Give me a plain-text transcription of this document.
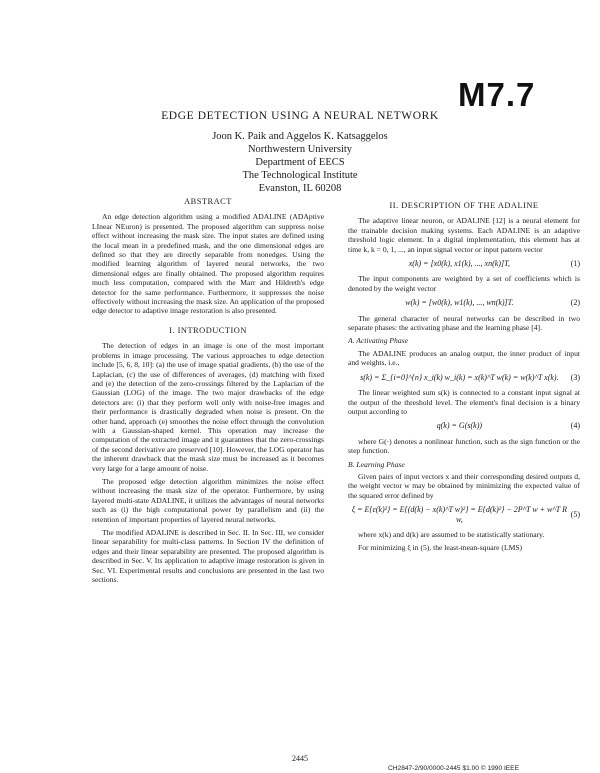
M7.7
EDGE DETECTION USING A NEURAL NETWORK
Joon K. Paik and Aggelos K. Katsaggelos
Northwestern University
Department of EECS
The Technological Institute
Evanston, IL 60208
ABSTRACT

An edge detection algorithm using a modified ADALINE (ADAptive LInear NEuron) is presented. The proposed algorithm can suppress noise effect without increasing the mask size. The input states are defined using the local mean in a predefined mask, and the one dimensional edges are defined so that they are directly separable from nonedges. Using the modified learning algorithm of layered neural networks, the two dimensional edges are finally obtained. The proposed algorithm requires much less computation, compared with the Marr and Hildreth's edge detector for the same performance. Furthermore, it suppresses the noise effectively without increasing the mask size. An application of the proposed edge detector to adaptive image restoration is also presented.

I. INTRODUCTION

The detection of edges in an image is one of the most important problems in image processing. The various approaches to edge detection include [5, 6, 8, 10]: (a) the use of image spatial gradients, (b) the use of the Laplacian, (c) the use of differences of averages, (d) matching with fixed and (e) the detection of the zero-crossings filtered by the Laplacian of the Gaussian (LOG) of the image. The two major drawbacks of the edge detectors are: (i) that they perform well only with noise-free images and their performance is drastically degraded when noise is present. On the other hand, approach (e) smoothes the noise effect through the convolution with a Gaussian-shaped kernel. This operation may increase the computation of the extracted image and it guarantees that the zero-crossings of the second derivative are preserved [10]. However, the LOG operator has the inherent drawback that the mask size must be increased as it becomes very large for a large amount of noise.

The proposed edge detection algorithm minimizes the noise effect without increasing the mask size of the operator. Furthermore, by using layered multi-state ADALINE, it utilizes the advantages of neural networks such as (i) the high computational power by parallelism and (ii) the retention of important properties of layered neural networks.

The modified ADALINE is described in Sec. II. In Sec. III, we consider linear separability for multi-class patterns. In Section IV the definition of edges and their linear separability are presented. The proposed algorithm is described in Sec. V. Its application to adaptive image restoration is given in Sec. VI. Experimental results and conclusions are presented in the last two sections.

II. DESCRIPTION OF THE ADALINE

The adaptive linear neuron, or ADALINE [12] is a neural element for the trainable decision making systems. Each ADALINE is an adaptive threshold logic element. In a digital implementation, this element has at time k, k = 0, 1, ..., an input signal vector or input pattern vector

x(k) = [x0(k), x1(k), ..., xn(k)]T,	(1)

The input components are weighted by a set of coefficients which is denoted by the weight vector

w(k) = [w0(k), w1(k), ..., wn(k)]T.	(2)

The general character of neural networks can be described in two separate phases: the activating phase and the learning phase [4].

A. Activating Phase

The ADALINE produces an analog output, the inner product of input and weights, i.e.,

s(k) = Σ_{i=0}^{n} x_i(k) w_i(k) = x(k)^T w(k) = w(k)^T x(k).	(3)

The linear weighted sum s(k) is connected to a constant input signal at the output of the threshold level. The element's final decision is a binary output according to

q(k) = G(s(k))	(4)

where G(·) denotes a nonlinear function, such as the sign function or the step function.

B. Learning Phase

Given pairs of input vectors x and their corresponding desired outputs d, the weight vector w may be obtained by minimizing the expected value of the squared error defined by

ξ = E{ε(k)²} = E{(d(k) − x(k)^T w)²} = E{d(k)²} − 2P^T w + w^T R w,
(5)

where x(k) and d(k) are assumed to be statistically stationary.

For minimizing ξ in (5), the least-mean-square (LMS)

2445
CH2847-2/90/0000-2445 $1.00 © 1990 IEEE
